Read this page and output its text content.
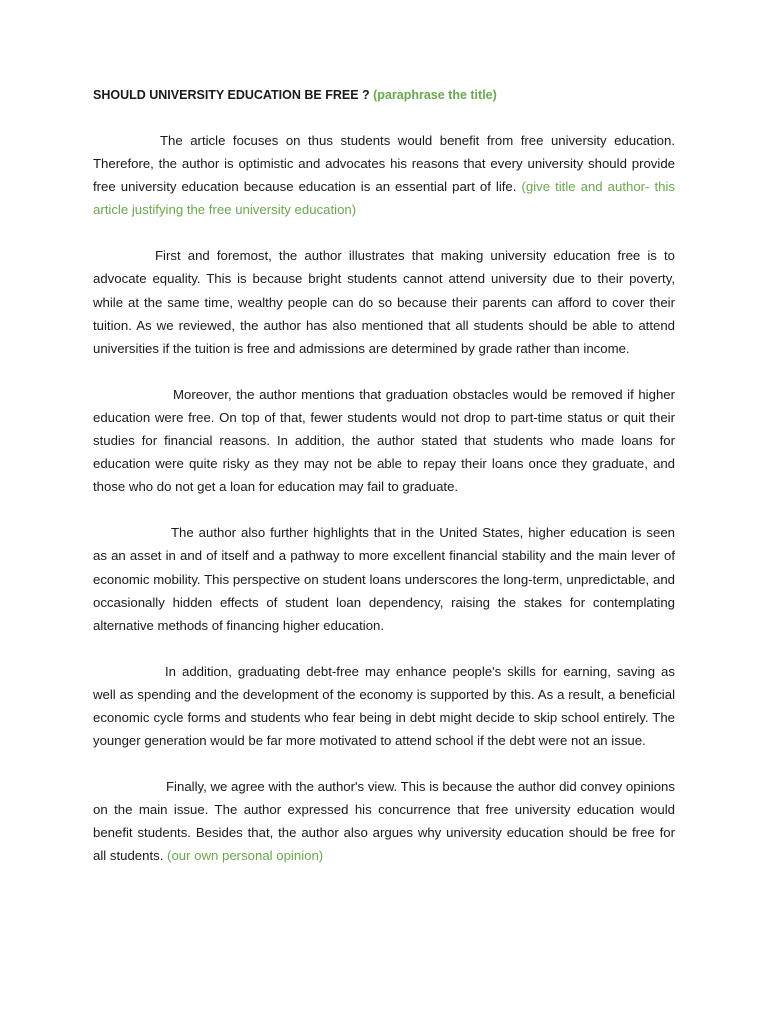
SHOULD UNIVERSITY EDUCATION BE FREE ? (paraphrase the title)

The article focuses on thus students would benefit from free university education. Therefore, the author is optimistic and advocates his reasons that every university should provide free university education because education is an essential part of life. (give title and author- this article justifying the free university education)

First and foremost, the author illustrates that making university education free is to advocate equality. This is because bright students cannot attend university due to their poverty, while at the same time, wealthy people can do so because their parents can afford to cover their tuition. As we reviewed, the author has also mentioned that all students should be able to attend universities if the tuition is free and admissions are determined by grade rather than income.

Moreover, the author mentions that graduation obstacles would be removed if higher education were free. On top of that, fewer students would not drop to part-time status or quit their studies for financial reasons. In addition, the author stated that students who made loans for education were quite risky as they may not be able to repay their loans once they graduate, and those who do not get a loan for education may fail to graduate.

The author also further highlights that in the United States, higher education is seen as an asset in and of itself and a pathway to more excellent financial stability and the main lever of economic mobility. This perspective on student loans underscores the long-term, unpredictable, and occasionally hidden effects of student loan dependency, raising the stakes for contemplating alternative methods of financing higher education.

In addition, graduating debt-free may enhance people's skills for earning, saving as well as spending and the development of the economy is supported by this. As a result, a beneficial economic cycle forms and students who fear being in debt might decide to skip school entirely. The younger generation would be far more motivated to attend school if the debt were not an issue.

Finally, we agree with the author's view. This is because the author did convey opinions on the main issue. The author expressed his concurrence that free university education would benefit students. Besides that, the author also argues why university education should be free for all students. (our own personal opinion)
